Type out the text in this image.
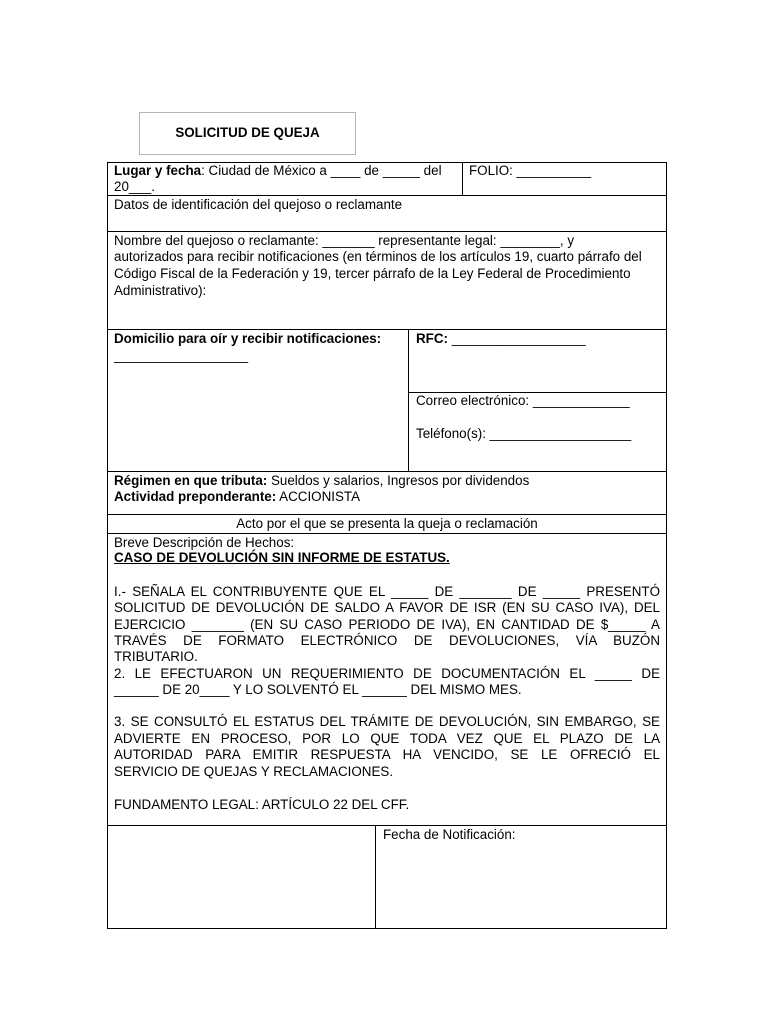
SOLICITUD DE QUEJA
Lugar y fecha: Ciudad de México a ____ de _____ del
20___.
FOLIO: __________
Datos de identificación del quejoso o reclamante
Nombre del quejoso o reclamante: _______ representante legal: ________, y
autorizados para recibir notificaciones (en términos de los artículos 19, cuarto párrafo del
Código Fiscal de la Federación y 19, tercer párrafo de la Ley Federal de Procedimiento
Administrativo):
Domicilio para oír y recibir notificaciones:
__________________
RFC: __________________
Correo electrónico: _____________
Teléfono(s): ___________________
Régimen en que tributa: Sueldos y salarios, Ingresos por dividendos
Actividad preponderante: ACCIONISTA
Acto por el que se presenta la queja o reclamación
Breve Descripción de Hechos:
CASO DE DEVOLUCIÓN SIN INFORME DE ESTATUS.
I.- SEÑALA EL CONTRIBUYENTE QUE EL _____ DE _______ DE _____ PRESENTÓ
SOLICITUD DE DEVOLUCIÓN DE SALDO A FAVOR DE ISR (EN SU CASO IVA), DEL
EJERCICIO _______ (EN SU CASO PERIODO DE IVA), EN CANTIDAD DE $_____ A
TRAVÉS DE FORMATO ELECTRÓNICO DE DEVOLUCIONES, VÍA BUZÓN
TRIBUTARIO.
2. LE EFECTUARON UN REQUERIMIENTO DE DOCUMENTACIÓN EL _____ DE
______ DE 20____ Y LO SOLVENTÓ EL ______ DEL MISMO MES.
3. SE CONSULTÓ EL ESTATUS DEL TRÁMITE DE DEVOLUCIÓN, SIN EMBARGO, SE
ADVIERTE EN PROCESO, POR LO QUE TODA VEZ QUE EL PLAZO DE LA
AUTORIDAD PARA EMITIR RESPUESTA HA VENCIDO, SE LE OFRECIÓ EL
SERVICIO DE QUEJAS Y RECLAMACIONES.
FUNDAMENTO LEGAL: ARTÍCULO 22 DEL CFF.
Fecha de Notificación:
